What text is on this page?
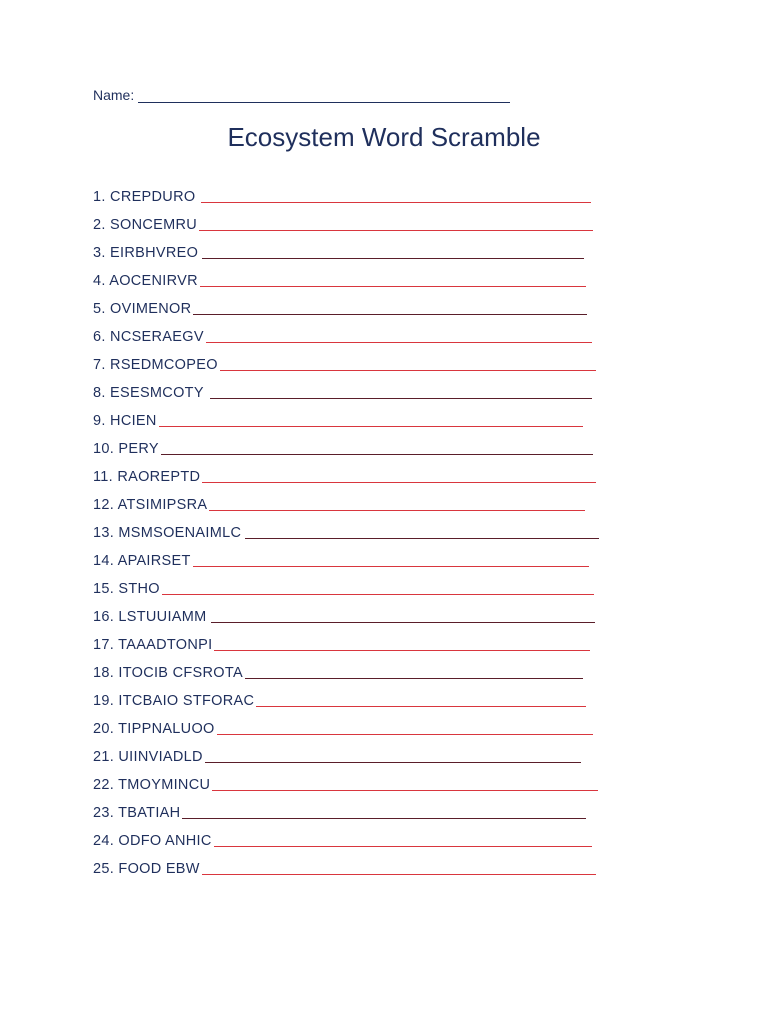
Name:
Ecosystem Word Scramble
1. CREPDURO
2. SONCEMRU
3. EIRBHVREO
4. AOCENIRVR
5. OVIMENOR
6. NCSERAEGV
7. RSEDMCOPEO
8. ESESMCOTY
9. HCIEN
10. PERY
11. RAOREPTD
12. ATSIMIPSRA
13. MSMSOENAIMLC
14. APAIRSET
15. STHO
16. LSTUUIAMM
17. TAAADTONPI
18. ITOCIB CFSROTA
19. ITCBAIO STFORAC
20. TIPPNALUOO
21. UIINVIADLD
22. TMOYMINCU
23. TBATIAH
24. ODFO ANHIC
25. FOOD EBW
